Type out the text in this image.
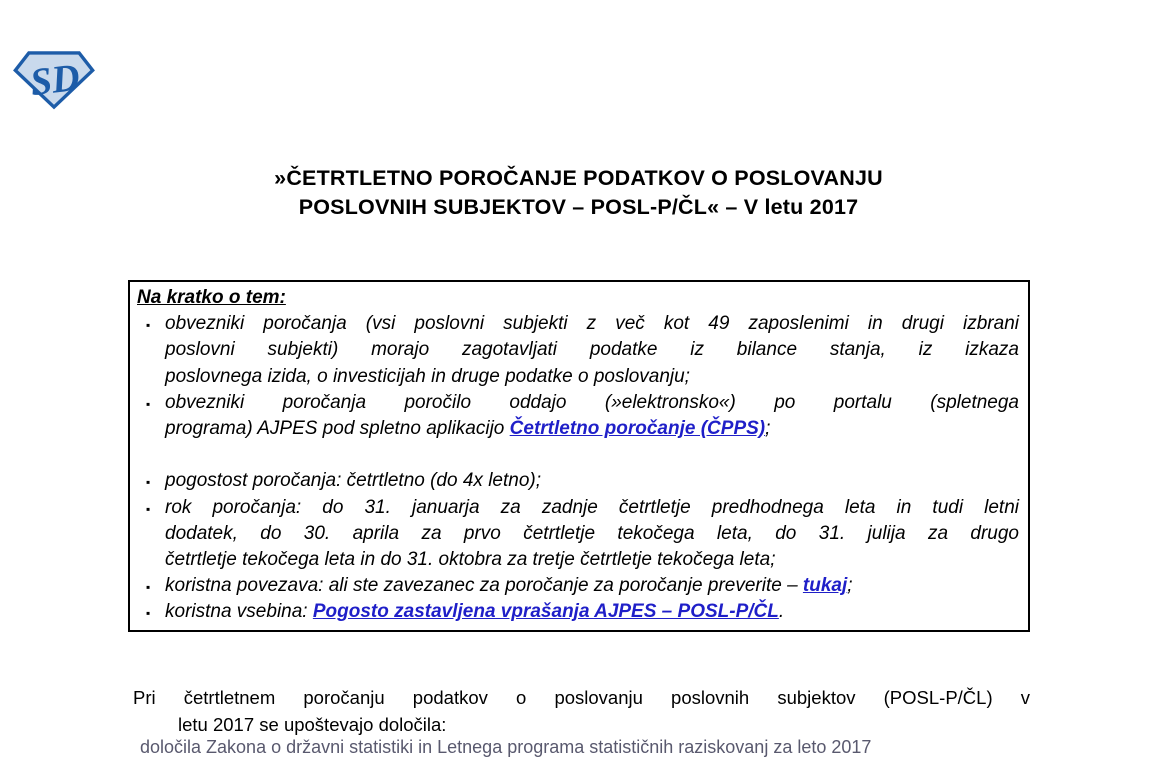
SD
»ČETRTLETNO POROČANJE PODATKOV O POSLOVANJU
POSLOVNIH SUBJEKTOV – POSL-P/ČL« – V letu 2017
Na kratko o tem:
▪ obvezniki poročanja (vsi poslovni subjekti z več kot 49 zaposlenimi in drugi izbrani
poslovni subjekti) morajo zagotavljati podatke iz bilance stanja, iz izkaza
poslovnega izida, o investicijah in druge podatke o poslovanju;
▪ obvezniki poročanja poročilo oddajo (»elektronsko«) po portalu (spletnega
programa) AJPES pod spletno aplikacijo Četrtletno poročanje (ČPPS);
▪ pogostost poročanja: četrtletno (do 4x letno);
▪ rok poročanja: do 31. januarja za zadnje četrtletje predhodnega leta in tudi letni
dodatek, do 30. aprila za prvo četrtletje tekočega leta, do 31. julija za drugo
četrtletje tekočega leta in do 31. oktobra za tretje četrtletje tekočega leta;
▪ koristna povezava: ali ste zavezanec za poročanje za poročanje preverite – tukaj;
▪ koristna vsebina: Pogosto zastavljena vprašanja AJPES – POSL-P/ČL.
Pri četrtletnem poročanju podatkov o poslovanju poslovnih subjektov (POSL-P/ČL) v
letu 2017 se upoštevajo določila:
določila Zakona o državni statistiki in Letnega programa statističnih raziskovanj za leto 2017
